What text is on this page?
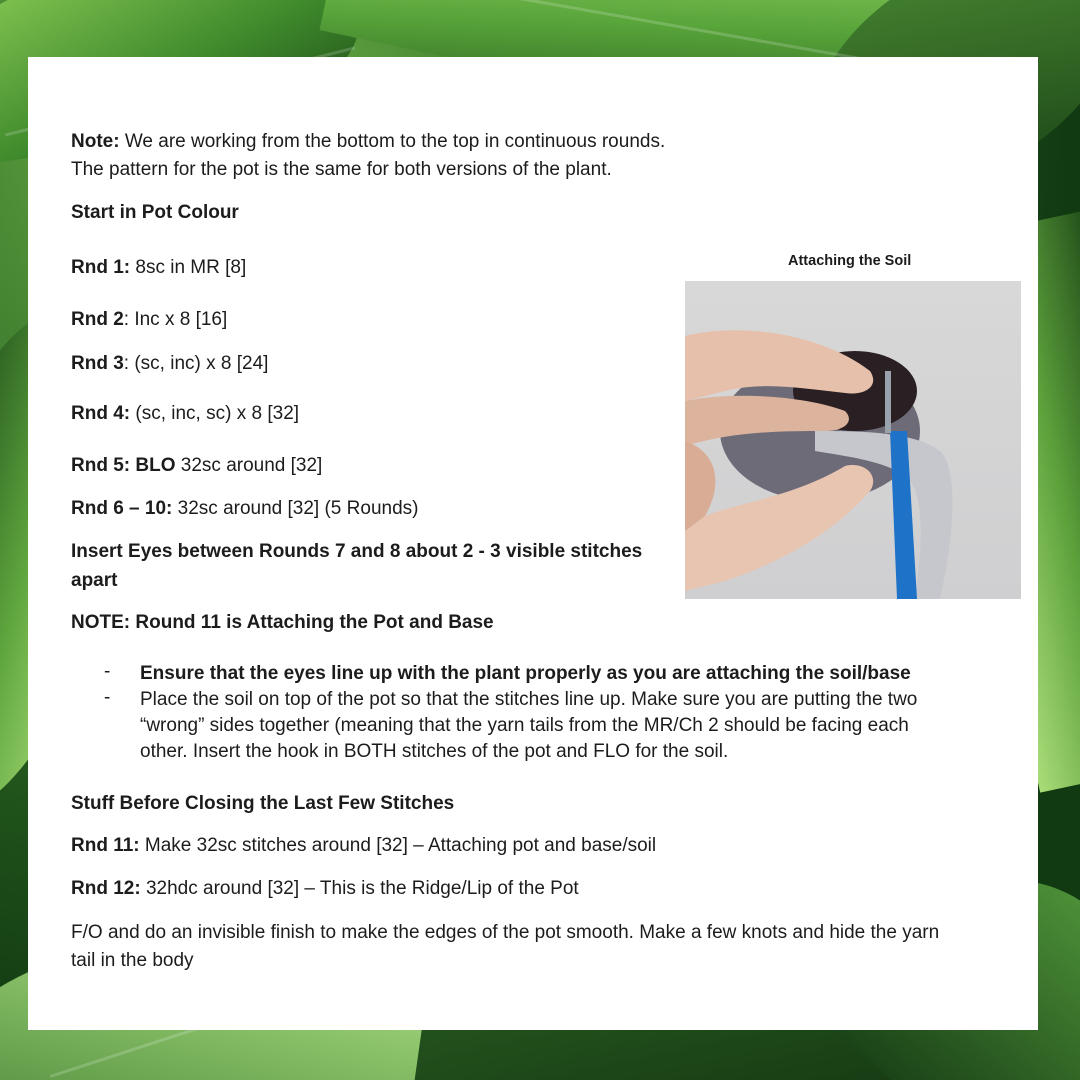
Note: We are working from the bottom to the top in continuous rounds.
The pattern for the pot is the same for both versions of the plant.
Start in Pot Colour
Rnd 1: 8sc in MR [8]
Rnd 2: Inc x 8 [16]
Rnd 3: (sc, inc) x 8 [24]
Rnd 4: (sc, inc, sc) x 8 [32]
Rnd 5: BLO 32sc around [32]
Rnd 6 – 10: 32sc around [32] (5 Rounds)
Insert Eyes between Rounds 7 and 8 about 2 - 3 visible stitches
apart
NOTE: Round 11 is Attaching the Pot and Base
- Ensure that the eyes line up with the plant properly as you are attaching the soil/base
- Place the soil on top of the pot so that the stitches line up. Make sure you are putting the two
“wrong” sides together (meaning that the yarn tails from the MR/Ch 2 should be facing each
other. Insert the hook in BOTH stitches of the pot and FLO for the soil.
Stuff Before Closing the Last Few Stitches
Rnd 11: Make 32sc stitches around [32] – Attaching pot and base/soil
Rnd 12: 32hdc around [32] – This is the Ridge/Lip of the Pot
F/O and do an invisible finish to make the edges of the pot smooth. Make a few knots and hide the yarn
tail in the body
Attaching the Soil
